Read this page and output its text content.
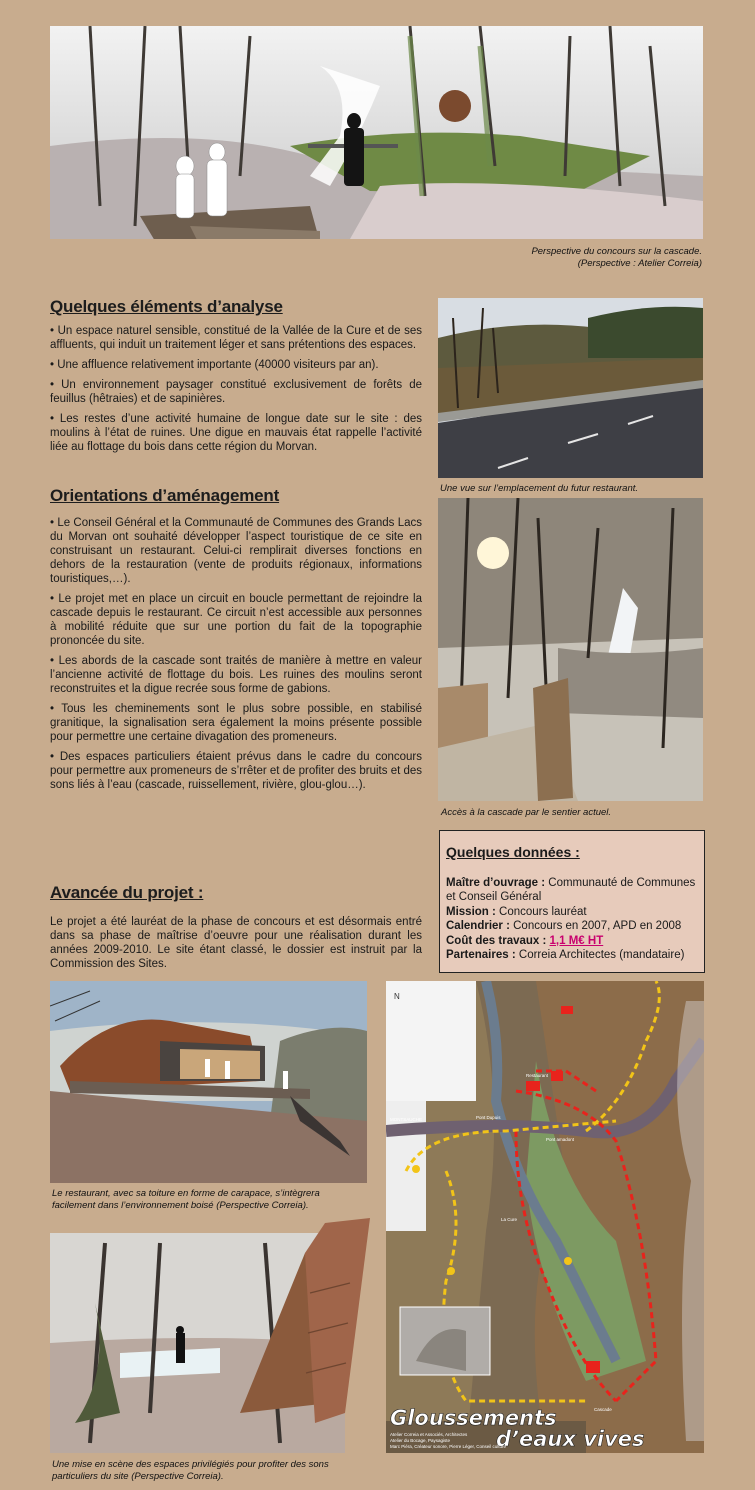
Perspective du concours sur la cascade.
(Perspective : Atelier Correia)
Quelques éléments d’analyse

• Un espace naturel sensible, constitué de la Vallée de la Cure et de ses affluents, qui induit un traitement léger et sans prétentions des espaces.

• Une affluence relativement importante (40000 visiteurs par an).

• Un environnement paysager constitué exclusivement de forêts de feuillus (hêtraies) et de sapinières.

• Les restes d’une activité humaine de longue date sur le site : des moulins à l’état de ruines. Une digue en mauvais état rappelle l’activité liée au flottage du bois dans cette région du Morvan.

Une vue sur l’emplacement du futur restaurant.
Orientations d’aménagement

• Le Conseil Général et la Communauté de Communes des Grands Lacs du Morvan ont souhaité développer l’aspect touristique de ce site en construisant un restaurant. Celui-ci remplirait diverses fonctions en dehors de la restauration (vente de produits régionaux, informations touristiques,…).

• Le projet met en place un circuit en boucle permettant de rejoindre la cascade depuis le restaurant. Ce circuit n’est accessible aux personnes à mobilité réduite que sur une portion du fait de la topographie prononcée du site.

• Les abords de la cascade sont traités de manière à mettre en valeur l’ancienne activité de flottage du bois. Les ruines des moulins seront reconstruites et la digue recrée sous forme de gabions.

• Tous les cheminements sont le plus sobre possible, en stabilisé granitique, la signalisation sera également la moins présente possible pour permettre une certaine divagation des promeneurs.

• Des espaces particuliers étaient prévus dans le cadre du concours pour permettre aux promeneurs de s’rrêter et de profiter des bruits et des sons liés à l’eau (cascade, ruissellement, rivière, glou-glou…).

Accès à la cascade par le sentier actuel.
Quelques données :
Maître d’ouvrage : Communauté de Communes et Conseil Général
Mission : Concours lauréat
Calendrier : Concours en 2007, APD en 2008
Coût des travaux : 1,1 M€ HT
Partenaires : Correia Architectes (mandataire)
Avancée du projet :
Le projet a été lauréat de la phase de concours et est désormais entré dans sa phase de maîtrise d’oeuvre pour une réalisation durant les années 2009-2010. Le site étant classé, le dossier est instruit par la Commission des Sites.
Le restaurant, avec sa toiture en forme de carapace, s’intègrera
facilement dans l’environnement boisé (Perspective Correia).
Une mise en scène des espaces privilégiés pour profiter des sons
particuliers du site (Perspective Correia).
N
MONTSAUCHE	Pont Dupuis
Pont amadont
La Cure
Cascade
Restaurant
Gloussements
d’eaux vives
Atelier Correia et Associés, Architectes
Atelier du Bocage, Paysagiste
Marc Piéra, Créateur sonore, Pierre Léger, Conseil culture
